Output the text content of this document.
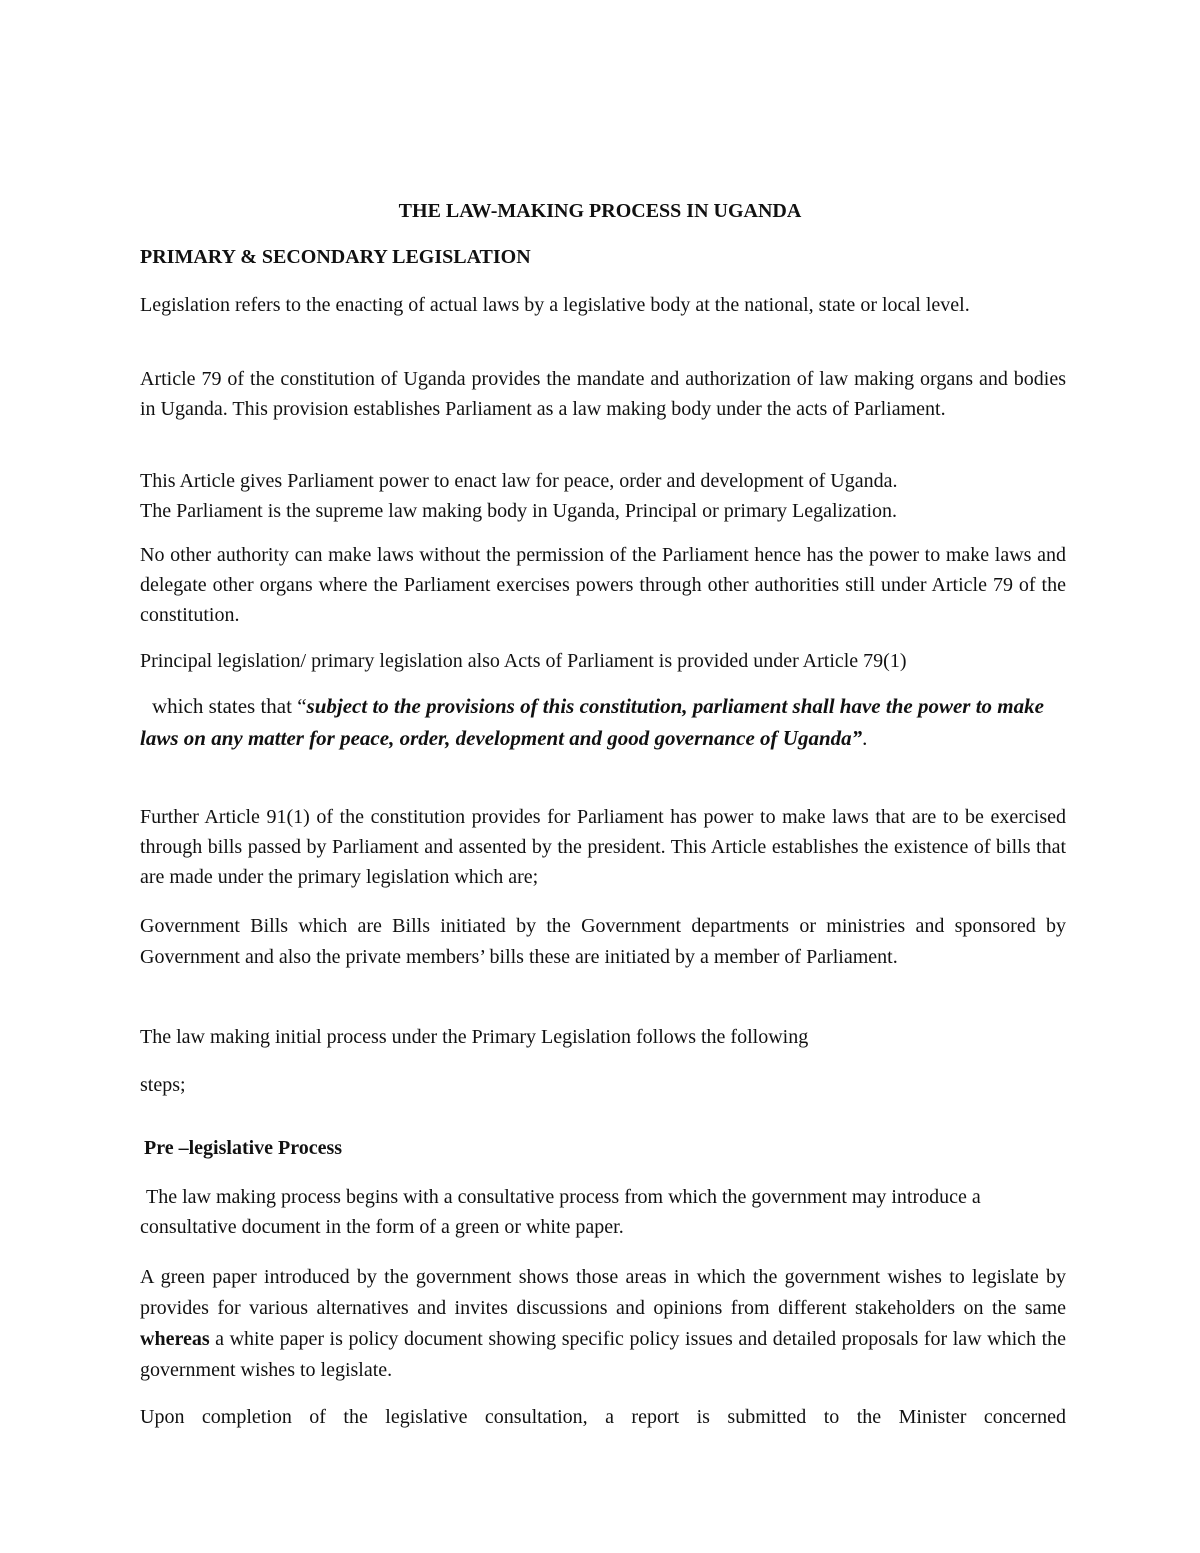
THE LAW-MAKING PROCESS IN UGANDA
PRIMARY & SECONDARY LEGISLATION

Legislation refers to the enacting of actual laws by a legislative body at the national, state or local level.

Article 79 of the constitution of Uganda provides the mandate and authorization of law making organs and bodies in Uganda. This provision establishes Parliament as a law making body under the acts of Parliament.

This Article gives Parliament power to enact law for peace, order and development of Uganda.
The Parliament is the supreme law making body in Uganda, Principal or primary Legalization.

No other authority can make laws without the permission of the Parliament hence has the power to make laws and delegate other organs where the Parliament exercises powers through other authorities still under Article 79 of the constitution.

Principal legislation/ primary legislation also Acts of Parliament is provided under Article 79(1)

which states that “subject to the provisions of this constitution, parliament shall have the power to make laws on any matter for peace, order, development and good governance of Uganda”.

Further Article 91(1) of the constitution provides for Parliament has power to make laws that are to be exercised through bills passed by Parliament and assented by the president. This Article establishes the existence of bills that are made under the primary legislation which are;

Government Bills which are Bills initiated by the Government departments or ministries and sponsored by Government and also the private members’ bills these are initiated by a member of Parliament.

The law making initial process under the Primary Legislation follows the following

steps;

Pre –legislative Process

The law making process begins with a consultative process from which the government may introduce a consultative document in the form of a green or white paper.

A green paper introduced by the government shows those areas in which the government wishes to legislate by provides for various alternatives and invites discussions and opinions from different stakeholders on the same whereas a white paper is policy document showing specific policy issues and detailed proposals for law which the government wishes to legislate.

Upon completion of the legislative consultation, a report is submitted to the Minister concerned
